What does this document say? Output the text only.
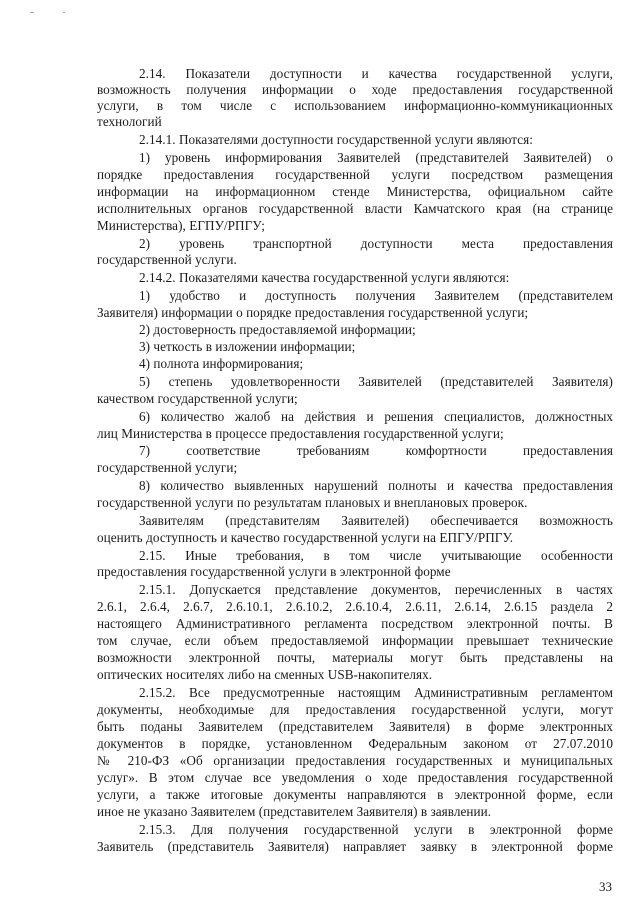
2.14. Показатели доступности и качества государственной услуги,
возможность получения информации о ходе предоставления государственной
услуги, в том числе с использованием информационно-коммуникационных
технологий
2.14.1. Показателями доступности государственной услуги являются:
1) уровень информирования Заявителей (представителей Заявителей) о
порядке предоставления государственной услуги посредством размещения
информации на информационном стенде Министерства, официальном сайте
исполнительных органов государственной власти Камчатского края (на странице
Министерства), ЕГПУ/РПГУ;
2) уровень транспортной доступности места предоставления
государственной услуги.
2.14.2. Показателями качества государственной услуги являются:
1) удобство и доступность получения Заявителем (представителем
Заявителя) информации о порядке предоставления государственной услуги;
2) достоверность предоставляемой информации;
3) четкость в изложении информации;
4) полнота информирования;
5) степень удовлетворенности Заявителей (представителей Заявителя)
качеством государственной услуги;
6) количество жалоб на действия и решения специалистов, должностных
лиц Министерства в процессе предоставления государственной услуги;
7) соответствие требованиям комфортности предоставления
государственной услуги;
8) количество выявленных нарушений полноты и качества предоставления
государственной услуги по результатам плановых и внеплановых проверок.
Заявителям (представителям Заявителей) обеспечивается возможность
оценить доступность и качество государственной услуги на ЕПГУ/РПГУ.
2.15. Иные требования, в том числе учитывающие особенности
предоставления государственной услуги в электронной форме
2.15.1. Допускается представление документов, перечисленных в частях
2.6.1, 2.6.4, 2.6.7, 2.6.10.1, 2.6.10.2, 2.6.10.4, 2.6.11, 2.6.14, 2.6.15 раздела 2
настоящего Административного регламента посредством электронной почты. В
том случае, если объем предоставляемой информации превышает технические
возможности электронной почты, материалы могут быть представлены на
оптических носителях либо на сменных USB-накопителях.
2.15.2. Все предусмотренные настоящим Административным регламентом
документы, необходимые для предоставления государственной услуги, могут
быть поданы Заявителем (представителем Заявителя) в форме электронных
документов в порядке, установленном Федеральным законом от 27.07.2010
№ 210-ФЗ «Об организации предоставления государственных и муниципальных
услуг». В этом случае все уведомления о ходе предоставления государственной
услуги, а также итоговые документы направляются в электронной форме, если
иное не указано Заявителем (представителем Заявителя) в заявлении.
2.15.3. Для получения государственной услуги в электронной форме
Заявитель (представитель Заявителя) направляет заявку в электронной форме
33
